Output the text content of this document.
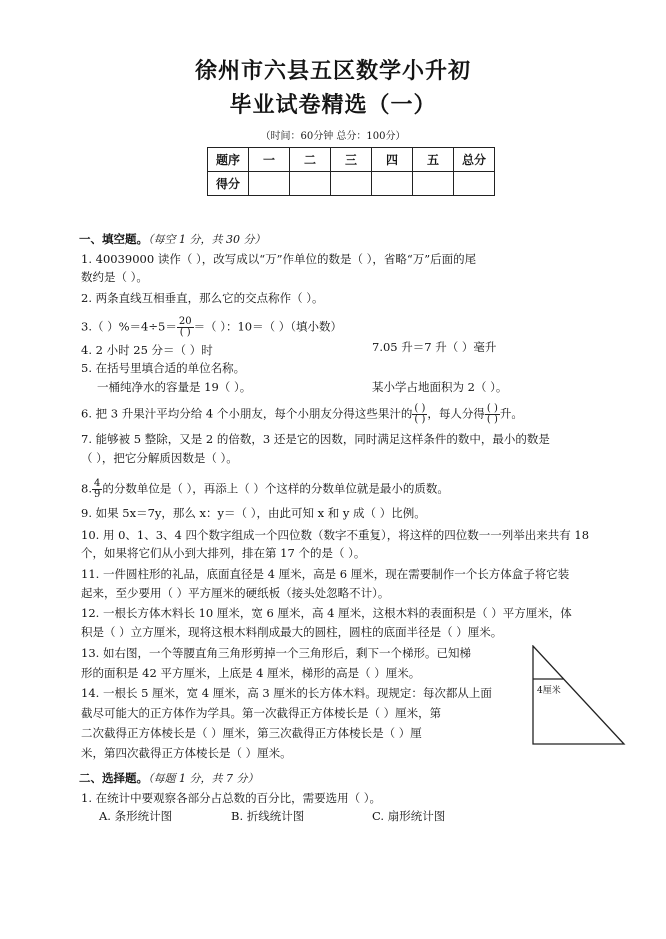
徐州市六县五区数学小升初
毕业试卷精选（一）
（时间：60分钟 总分：100分）
题序	一	二	三	四	五	总分
得分						
一、填空题。（每空 1 分，共 30 分）
1. 40039000 读作（ ），改写成以“万”作单位的数是（ ），省略“万”后面的尾
数约是（ ）。
2. 两条直线互相垂直，那么它的交点称作（ ）。
3.（ ）$\%=4\div 5= \frac{20}{( )}$ ＝（ ）：10＝（ ）（填小数）
4. 2 小时 25 分＝（ ）时	7.05 升＝7 升（ ）毫升
5. 在括号里填合适的单位名称。
一桶纯净水的容量是 19（ ）。	某小学占地面积为 2（ ）。
6. 把 3 升果汁平均分给 4 个小朋友，每个小朋友分得这些果汁的 $\frac{( )}{( )}$ ，每人分得 $\frac{( )}{( )}$ 升。
7. 能够被 5 整除，又是 2 的倍数，3 还是它的因数，同时满足这样条件的数中，最小的数是
（ ），把它分解质因数是（ ）。
8. $\frac{4}{9}$ 的分数单位是（ ），再添上（ ）个这样的分数单位就是最小的质数。
9. 如果 5x＝7y，那么 x：y＝（ ），由此可知 x 和 y 成（ ）比例。
10. 用 0、1、3、4 四个数字组成一个四位数（数字不重复），将这样的四位数一一列举出来共有 18
个，如果将它们从小到大排列，排在第 17 个的是（ ）。
11. 一件圆柱形的礼品，底面直径是 4 厘米，高是 6 厘米，现在需要制作一个长方体盒子将它装
起来，至少要用（ ）平方厘米的硬纸板（接头处忽略不计）。
12. 一根长方体木料长 10 厘米，宽 6 厘米，高 4 厘米，这根木料的表面积是（ ）平方厘米，体
积是（ ）立方厘米，现将这根木料削成最大的圆柱，圆柱的底面半径是（ ）厘米。
13. 如右图，一个等腰直角三角形剪掉一个三角形后，剩下一个梯形。已知梯
形的面积是 42 平方厘米，上底是 4 厘米，梯形的高是（ ）厘米。
14. 一根长 5 厘米，宽 4 厘米，高 3 厘米的长方体木料。现规定：每次都从上面
截尽可能大的正方体作为学具。第一次截得正方体棱长是（ ）厘米，第
二次截得正方体棱长是（ ）厘米，第三次截得正方体棱长是（ ）厘
米，第四次截得正方体棱长是（ ）厘米。
4厘米
二、选择题。（每题 1 分，共 7 分）
1. 在统计中要观察各部分占总数的百分比，需要选用（ ）。
A. 条形统计图	B. 折线统计图	C. 扇形统计图
